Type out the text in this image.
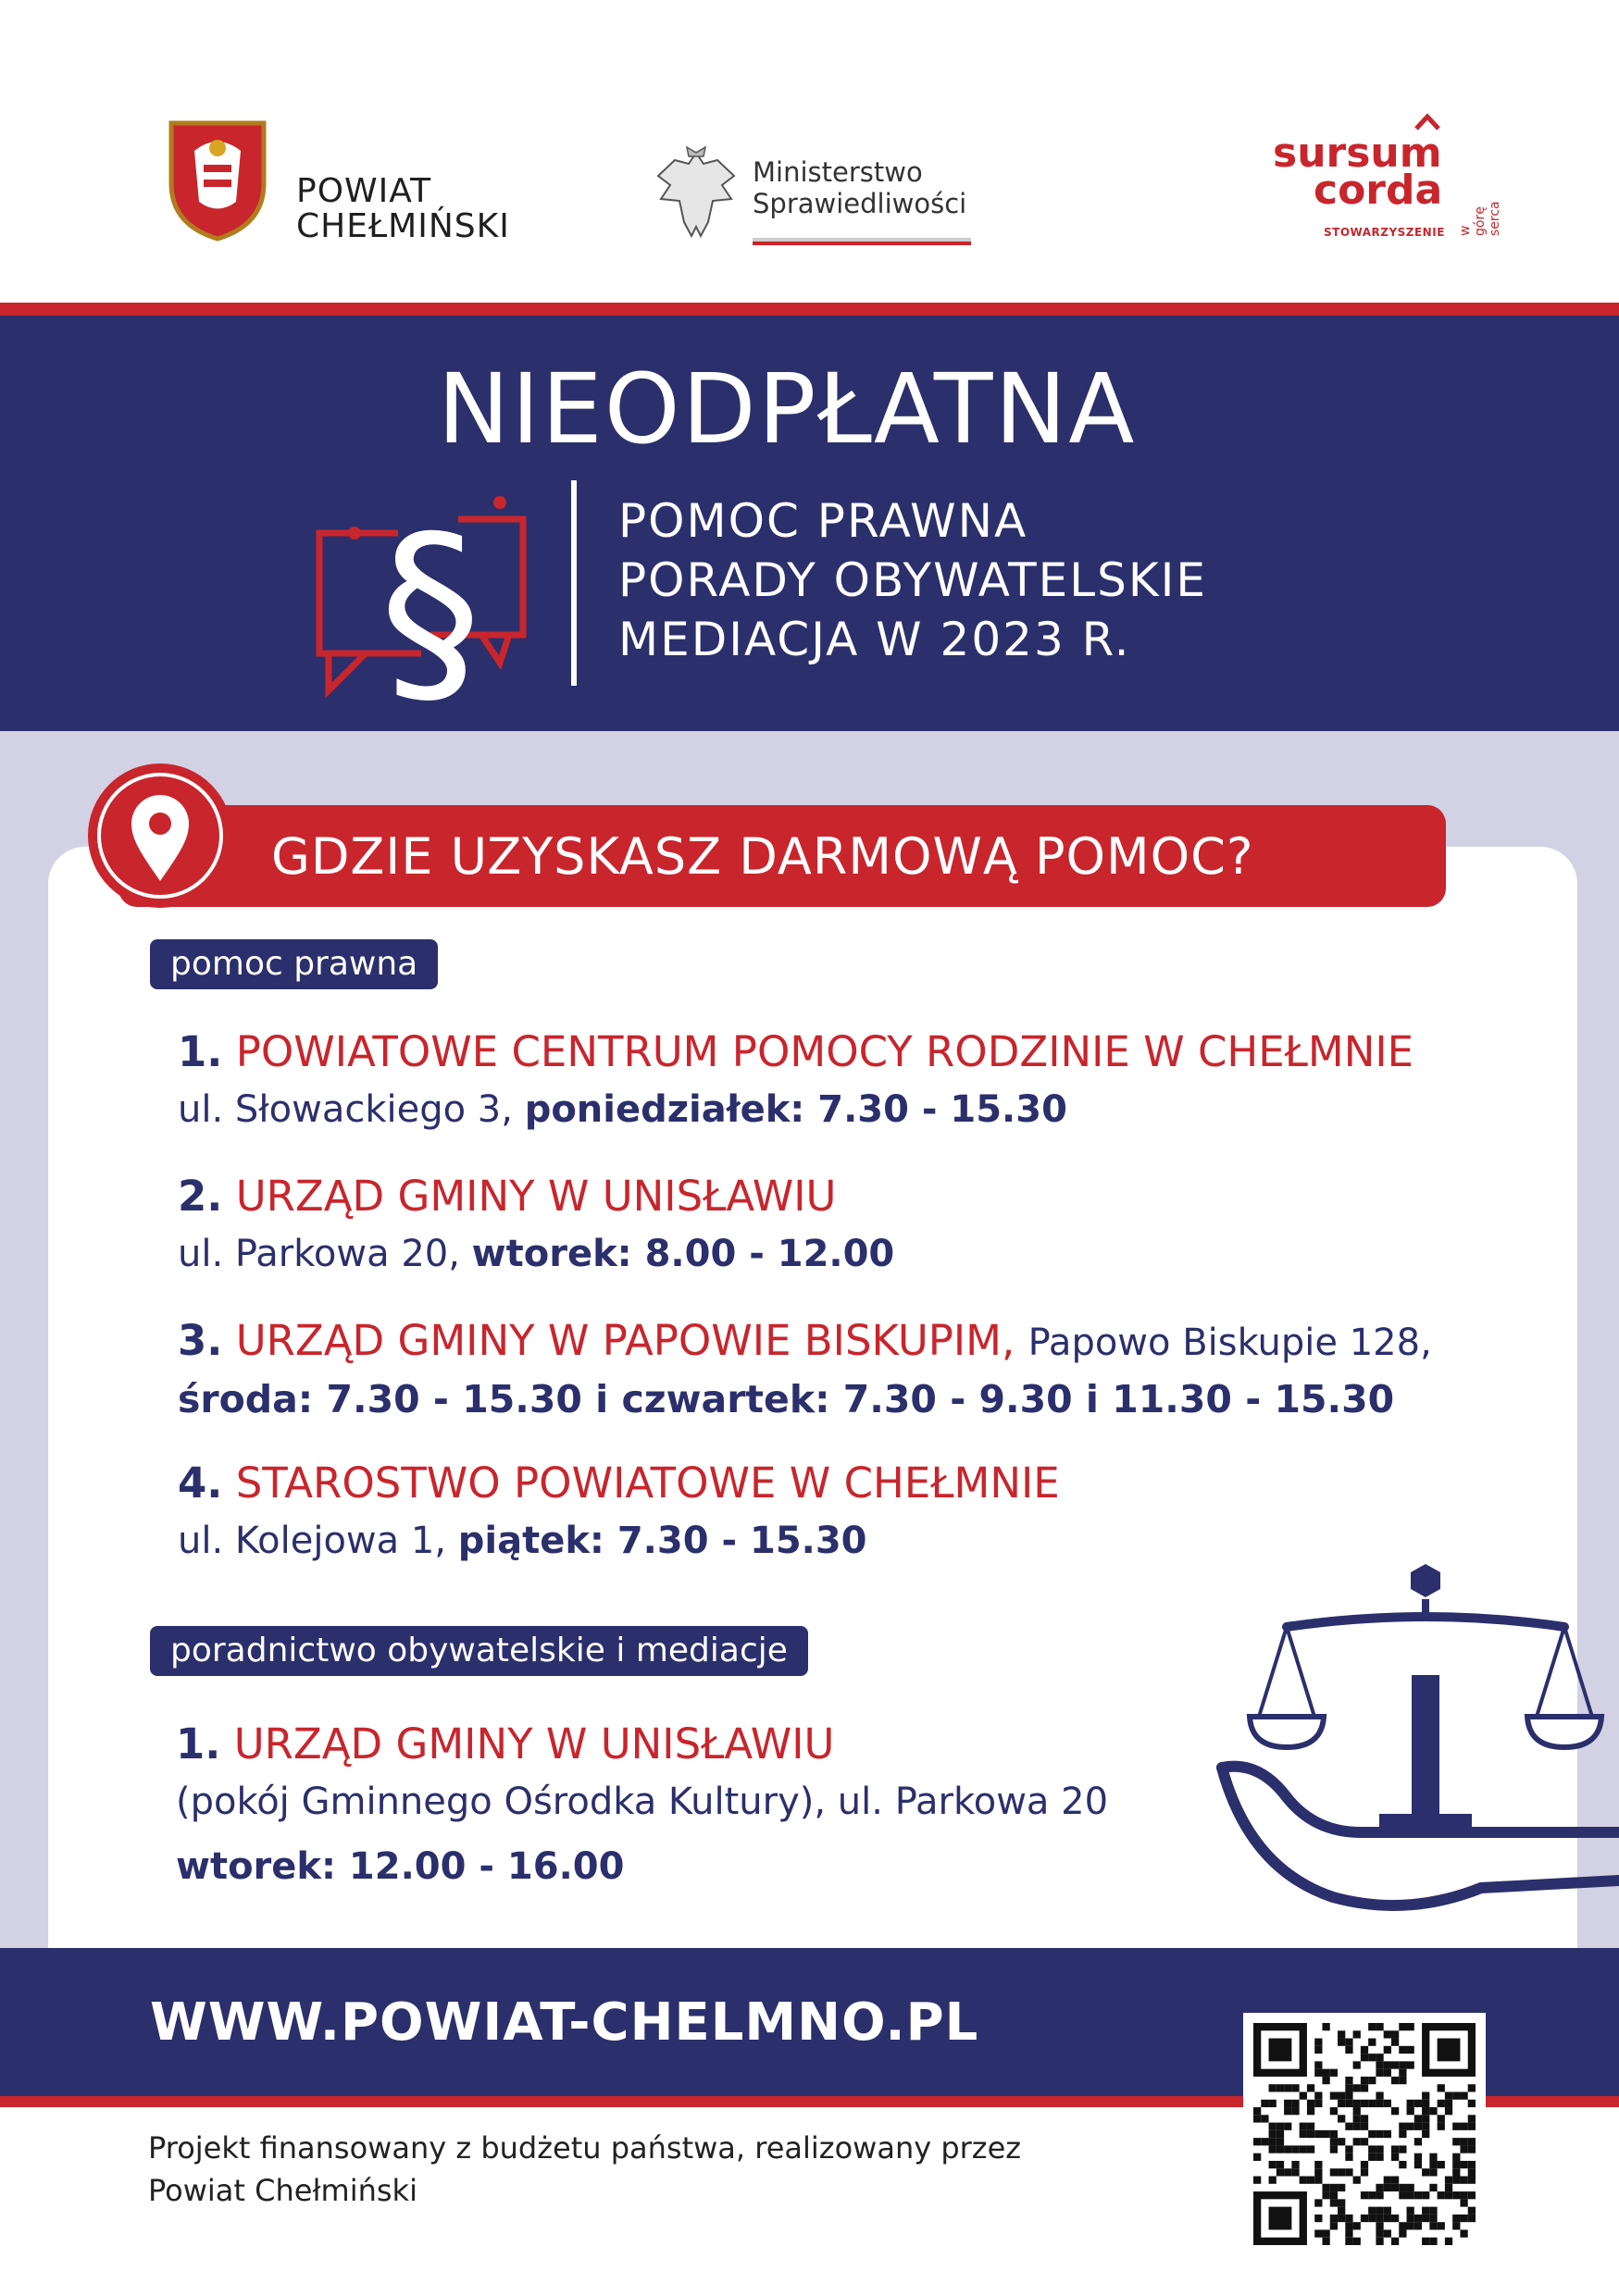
POWIAT
CHEŁMIŃSKI
Ministerstwo
Sprawiedliwości
sursum
corda
STOWARZYSZENIE w górę serca
NIEODPŁATNA
§	POMOC PRAWNA
PORADY OBYWATELSKIE
MEDIACJA W 2023 R.
GDZIE UZYSKASZ DARMOWĄ POMOC?
pomoc prawna
1. POWIATOWE CENTRUM POMOCY RODZINIE W CHEŁMNIE
ul. Słowackiego 3, poniedziałek: 7.30 - 15.30
2. URZĄD GMINY W UNISŁAWIU
ul. Parkowa 20, wtorek: 8.00 - 12.00
3. URZĄD GMINY W PAPOWIE BISKUPIM, Papowo Biskupie 128,
środa: 7.30 - 15.30 i czwartek: 7.30 - 9.30 i 11.30 - 15.30
4. STAROSTWO POWIATOWE W CHEŁMNIE
ul. Kolejowa 1, piątek: 7.30 - 15.30
poradnictwo obywatelskie i mediacje
1. URZĄD GMINY W UNISŁAWIU
(pokój Gminnego Ośrodka Kultury), ul. Parkowa 20
wtorek: 12.00 - 16.00
WWW.POWIAT-CHELMNO.PL
Projekt finansowany z budżetu państwa, realizowany przez
Powiat Chełmiński
